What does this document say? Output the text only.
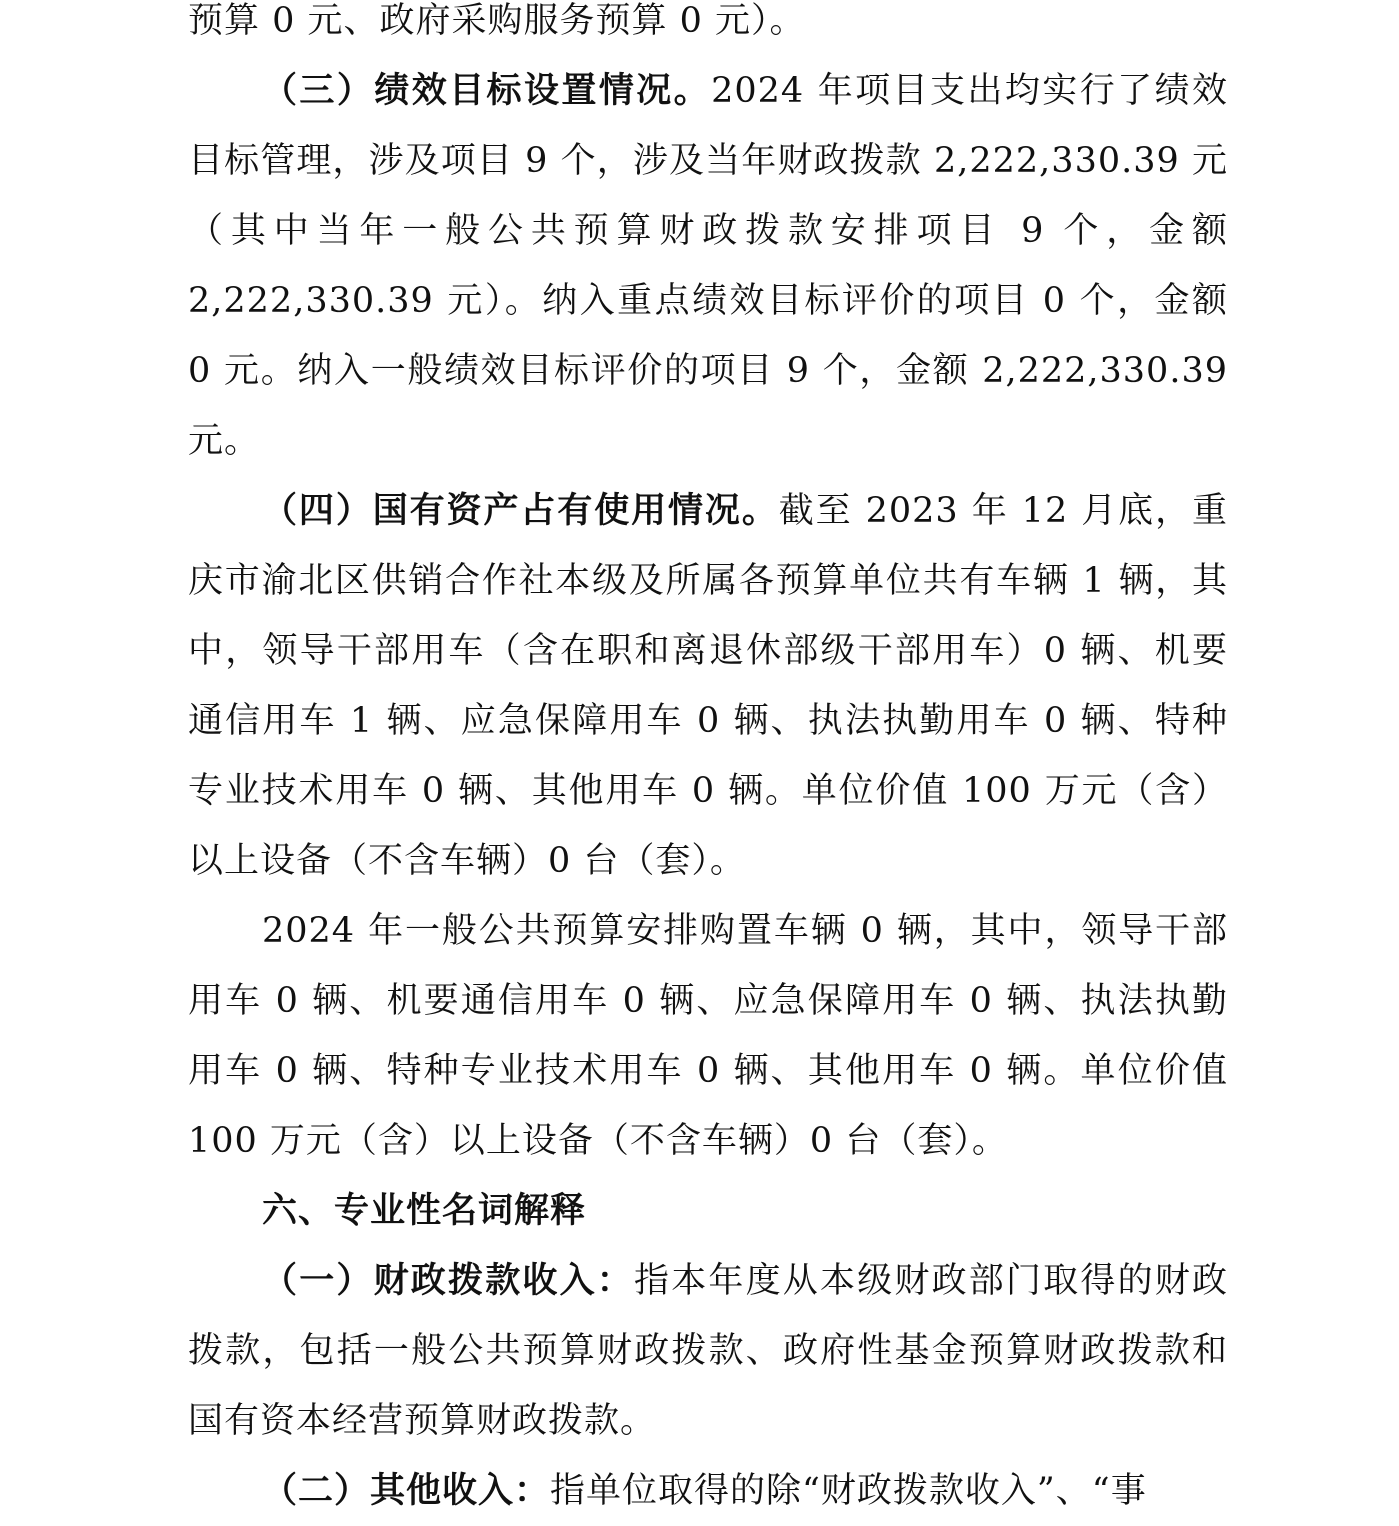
预算 0 元、政府采购服务预算 0 元）。

（三）绩效目标设置情况。2024 年项目支出均实行了绩效目标管理，涉及项目 9 个，涉及当年财政拨款 2,222,330.39 元（其中当年一般公共预算财政拨款安排项目 9 个，金额 2,222,330.39 元）。纳入重点绩效目标评价的项目 0 个，金额 0 元。纳入一般绩效目标评价的项目 9 个，金额 2,222,330.39 元。

（四）国有资产占有使用情况。截至 2023 年 12 月底，重庆市渝北区供销合作社本级及所属各预算单位共有车辆 1 辆，其中，领导干部用车（含在职和离退休部级干部用车）0 辆、机要通信用车 1 辆、应急保障用车 0 辆、执法执勤用车 0 辆、特种专业技术用车 0 辆、其他用车 0 辆。单位价值 100 万元（含）以上设备（不含车辆）0 台（套）。

2024 年一般公共预算安排购置车辆 0 辆，其中，领导干部用车 0 辆、机要通信用车 0 辆、应急保障用车 0 辆、执法执勤用车 0 辆、特种专业技术用车 0 辆、其他用车 0 辆。单位价值 100 万元（含）以上设备（不含车辆）0 台（套）。

六、专业性名词解释

（一）财政拨款收入：指本年度从本级财政部门取得的财政拨款，包括一般公共预算财政拨款、政府性基金预算财政拨款和国有资本经营预算财政拨款。

（二）其他收入：指单位取得的除“财政拨款收入”、“事
